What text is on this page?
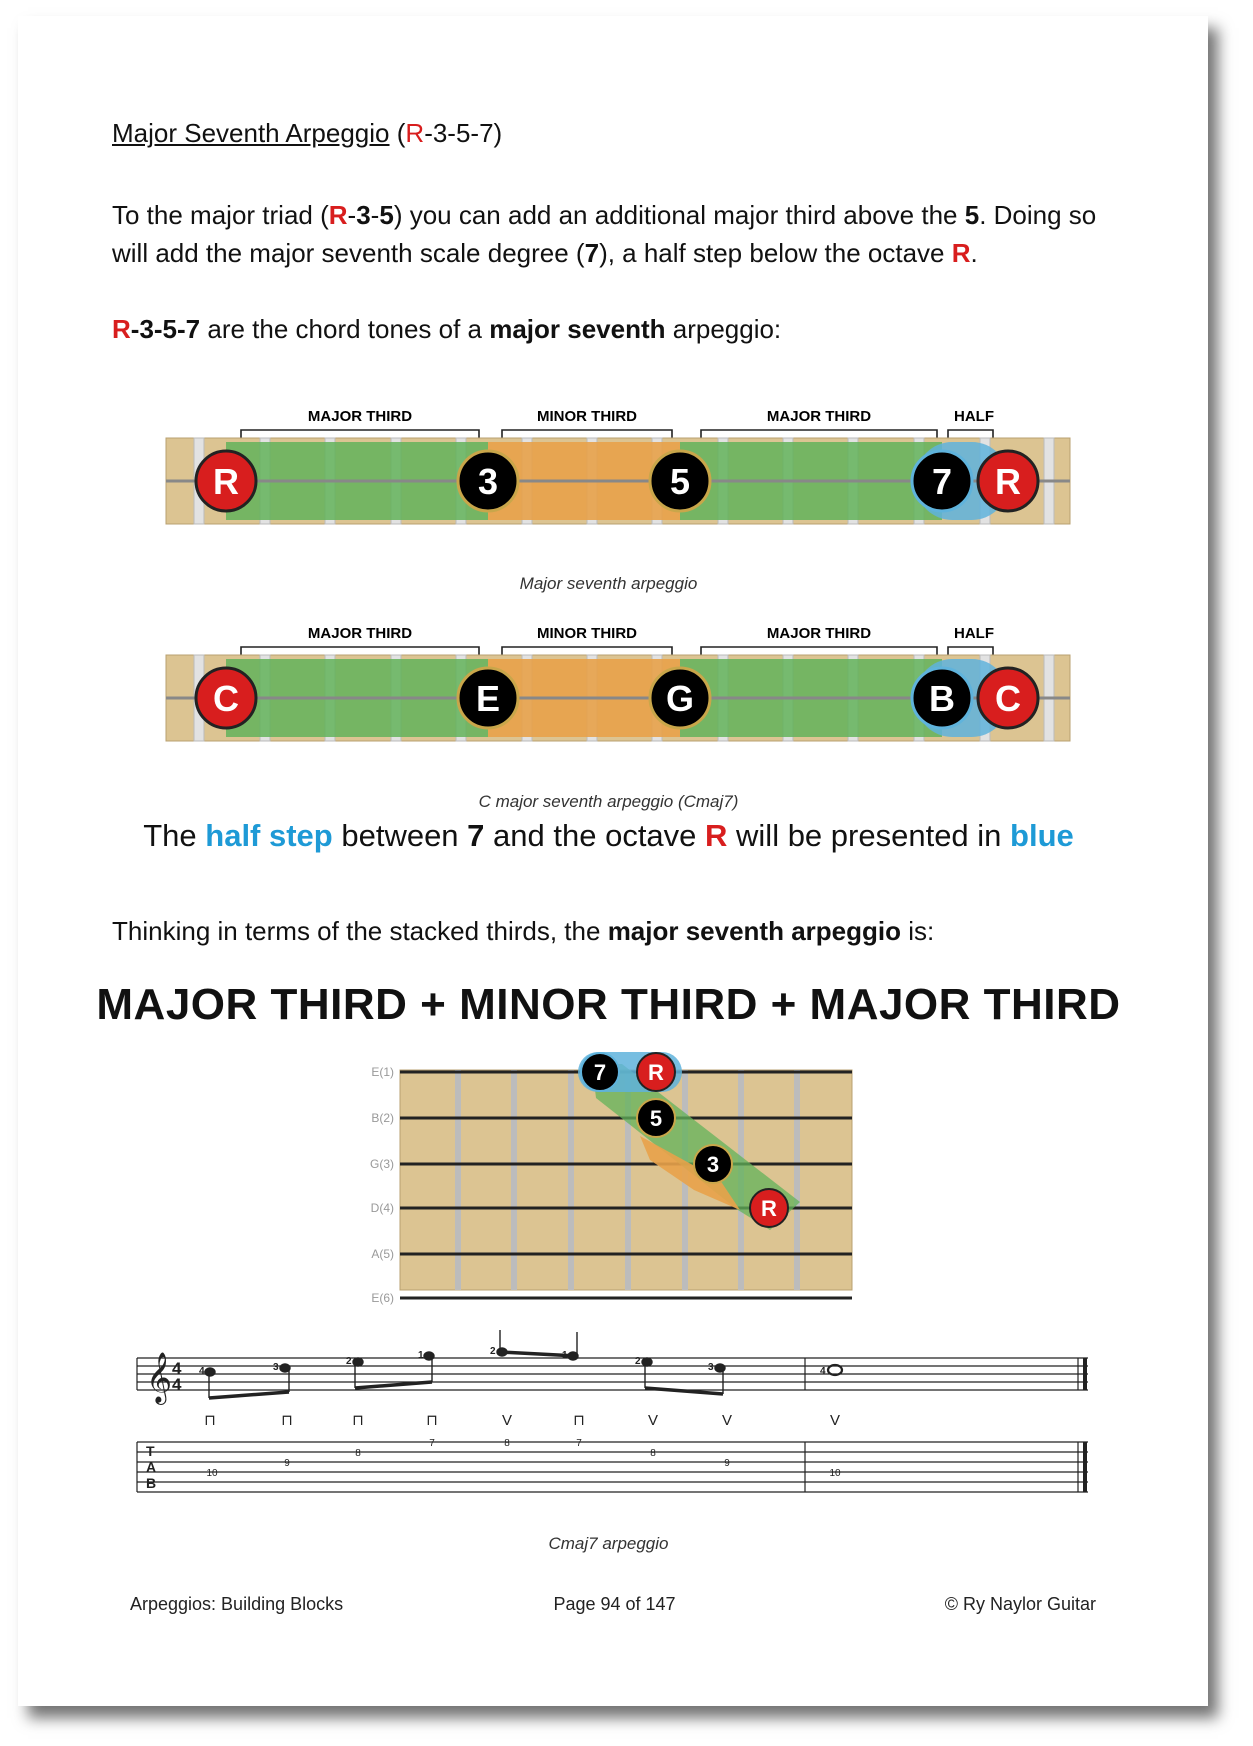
Major Seventh Arpeggio (R-3-5-7)
To the major triad (R-3-5) you can add an additional major third above the 5. Doing so will add the major seventh scale degree (7), a half step below the octave R.
R-3-5-7 are the chord tones of a major seventh arpeggio:
MAJOR THIRD	MINOR THIRD	MAJOR THIRD	HALF
R	3	5	7 R
Major seventh arpeggio
MAJOR THIRD	MINOR THIRD	MAJOR THIRD	HALF
C	E	G	B C
C major seventh arpeggio (Cmaj7)
The half step between 7 and the octave R will be presented in blue
Thinking in terms of the stacked thirds, the major seventh arpeggio is:
MAJOR THIRD + MINOR THIRD + MAJOR THIRD
E(1)
B(2)
G(3)
D(4)
A(5)
E(6)
7 R
5
3
R
𝄞 4
4
4	3
2
1	2	1
2
3	4
⊓	⊓	⊓	⊓	V	⊓	V	V	V
T
A
B
10
9
8
7	8	7
8
9
10
Cmaj7 arpeggio
Arpeggios: Building Blocks	Page 94 of 147	© Ry Naylor Guitar
